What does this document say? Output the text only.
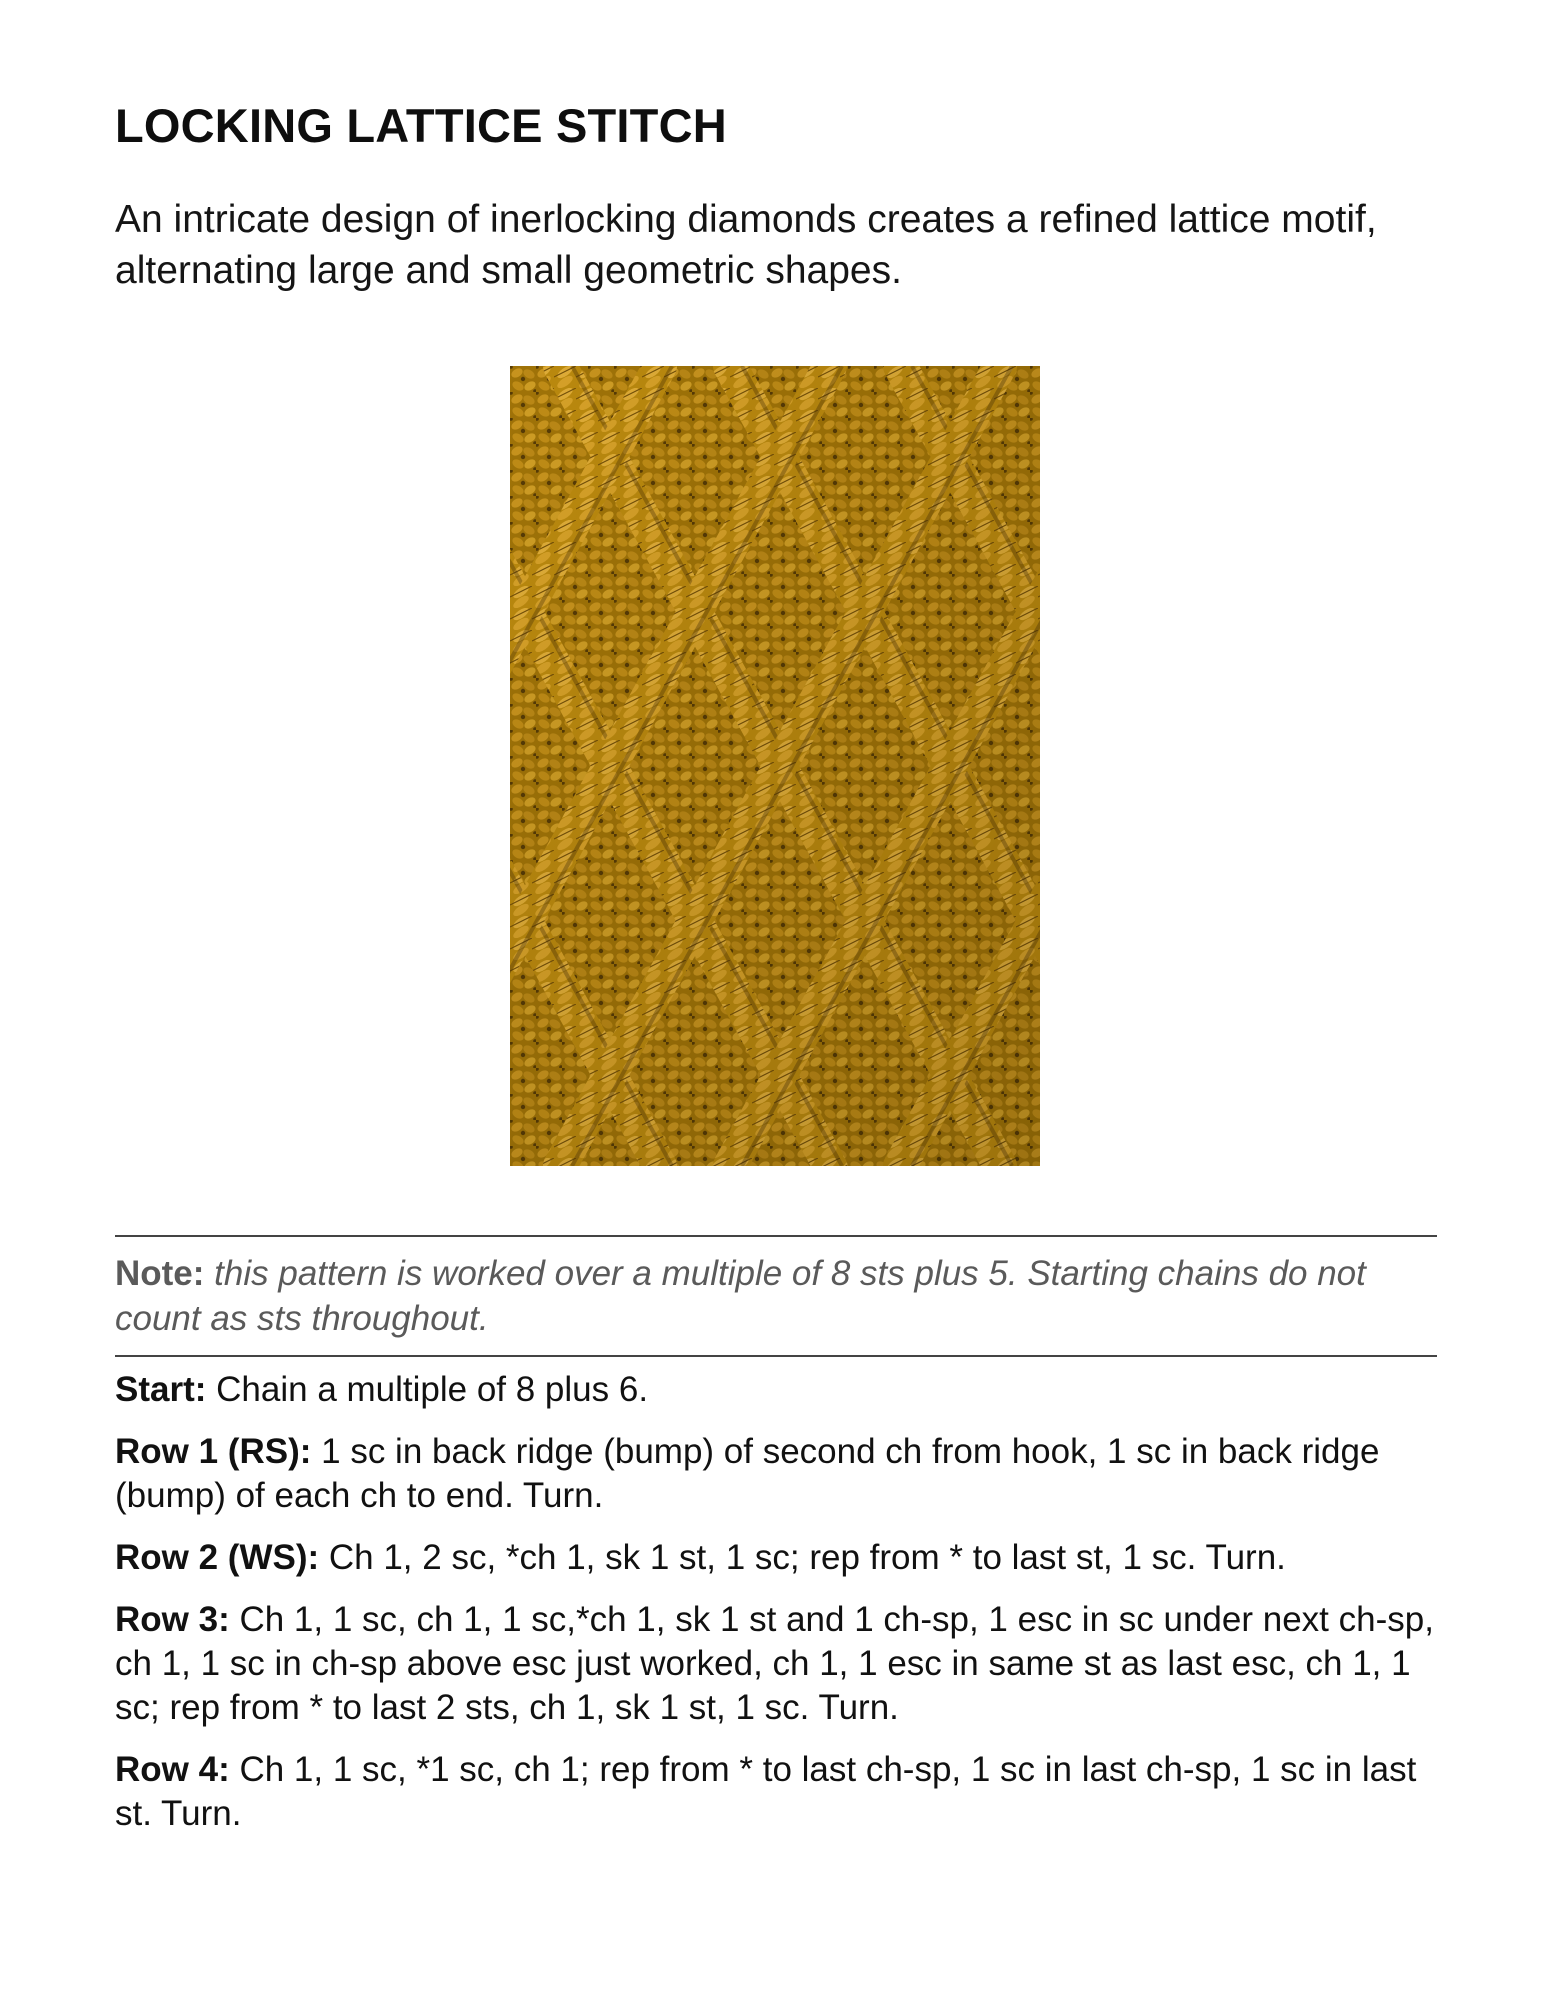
LOCKING LATTICE STITCH

An intricate design of inerlocking diamonds creates a refined lattice motif, alternating large and small geometric shapes.

Note: this pattern is worked over a multiple of 8 sts plus 5. Starting chains do not count as sts throughout.

Start: Chain a multiple of 8 plus 6.

Row 1 (RS): 1 sc in back ridge (bump) of second ch from hook, 1 sc in back ridge (bump) of each ch to end. Turn.

Row 2 (WS): Ch 1, 2 sc, *ch 1, sk 1 st, 1 sc; rep from * to last st, 1 sc. Turn.

Row 3: Ch 1, 1 sc, ch 1, 1 sc,*ch 1, sk 1 st and 1 ch-sp, 1 esc in sc under next ch-sp, ch 1, 1 sc in ch-sp above esc just worked, ch 1, 1 esc in same st as last esc, ch 1, 1 sc; rep from * to last 2 sts, ch 1, sk 1 st, 1 sc. Turn.

Row 4: Ch 1, 1 sc, *1 sc, ch 1; rep from * to last ch-sp, 1 sc in last ch-sp, 1 sc in last st. Turn.
